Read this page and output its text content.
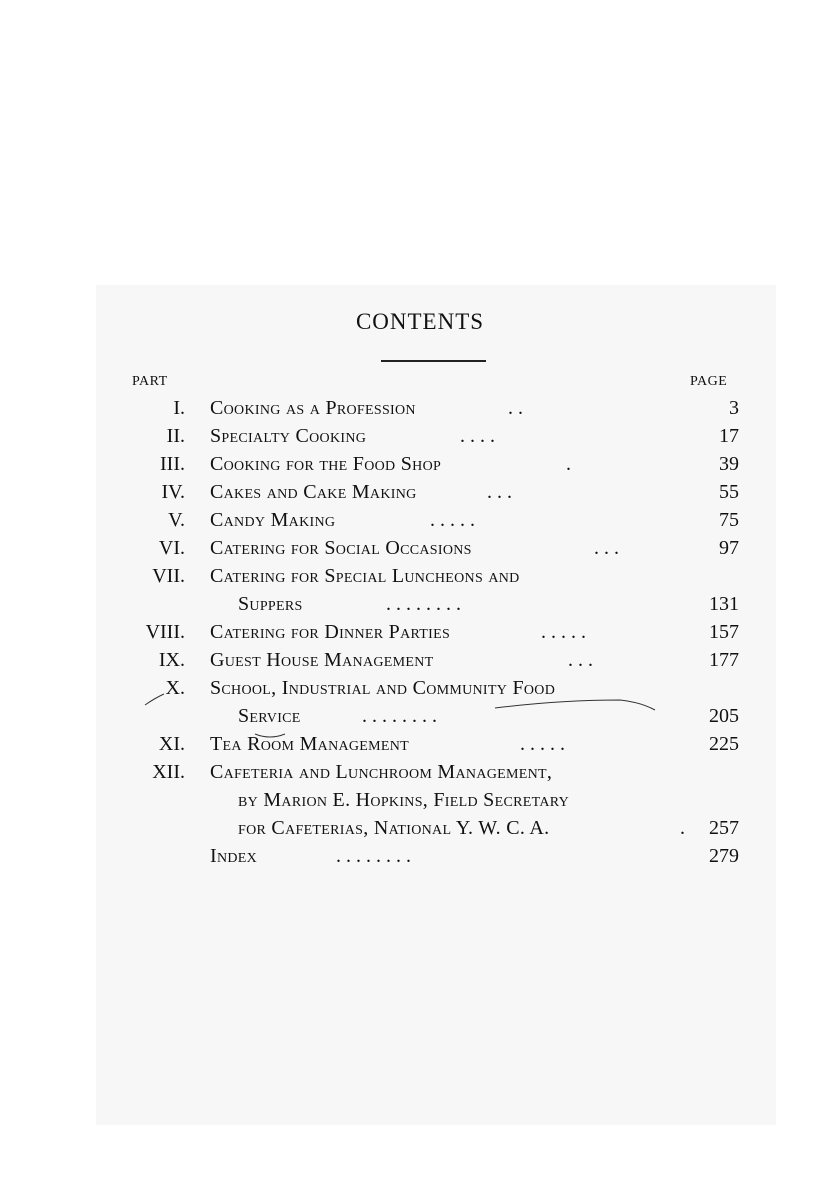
CONTENTS
PART	PAGE
I. Cooking as a Profession	. .	3
II. Specialty Cooking	. . . .	17
III. Cooking for the Food Shop	.	39
IV. Cakes and Cake Making	. . .	55
V. Candy Making	. . . . .	75
VI. Catering for Social Occasions	. . .	97
VII. Catering for Special Luncheons and
Suppers	. . . . . . . .	131
VIII. Catering for Dinner Parties	. . . . .	157
IX. Guest House Management	. . .	177
X. School, Industrial and Community Food
Service	. . . . . . . .	205
XI. Tea Room Management	. . . . .	225
XII. Cafeteria and Lunchroom Management,
by Marion E. Hopkins, Field Secretary
for Cafeterias, National Y. W. C. A.	. 257
Index	. . . . . . . .	279
